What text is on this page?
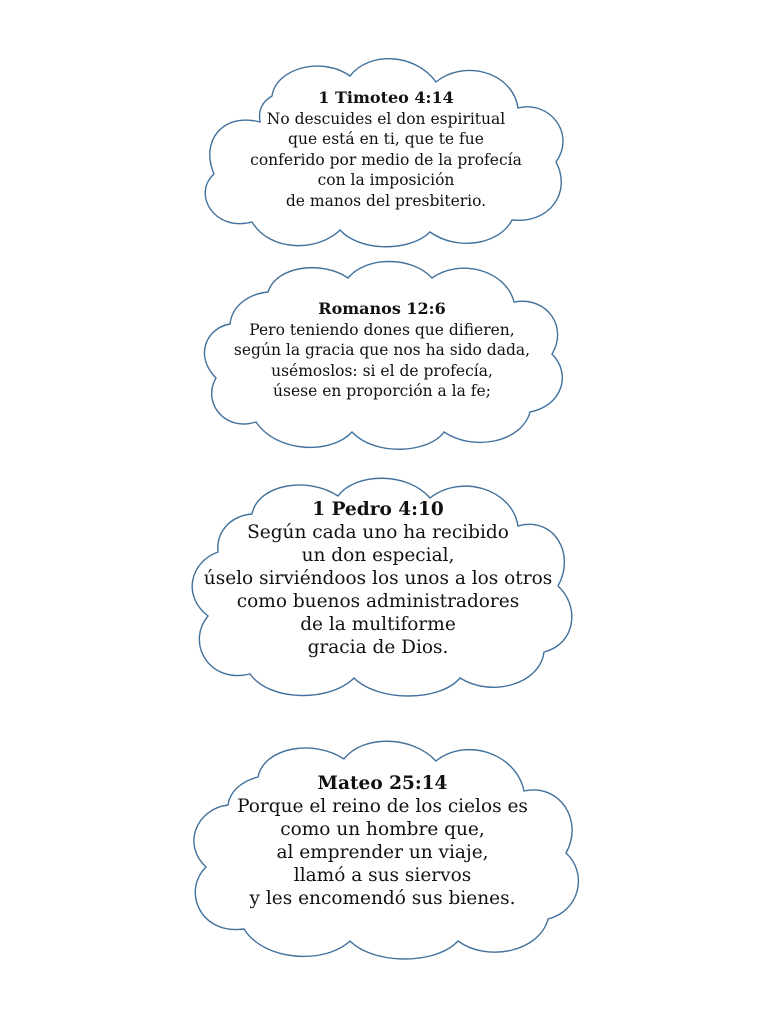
1 Timoteo 4:14
No descuides el don espiritual
que está en ti, que te fue
conferido por medio de la profecía
con la imposición
de manos del presbiterio.
Romanos 12:6
Pero teniendo dones que difieren,
según la gracia que nos ha sido dada,
usémoslos: si el de profecía,
úsese en proporción a la fe;
1 Pedro 4:10
Según cada uno ha recibido
un don especial,
úselo sirviéndoos los unos a los otros
como buenos administradores
de la multiforme
gracia de Dios.
Mateo 25:14
Porque el reino de los cielos es
como un hombre que,
al emprender un viaje,
llamó a sus siervos
y les encomendó sus bienes.
